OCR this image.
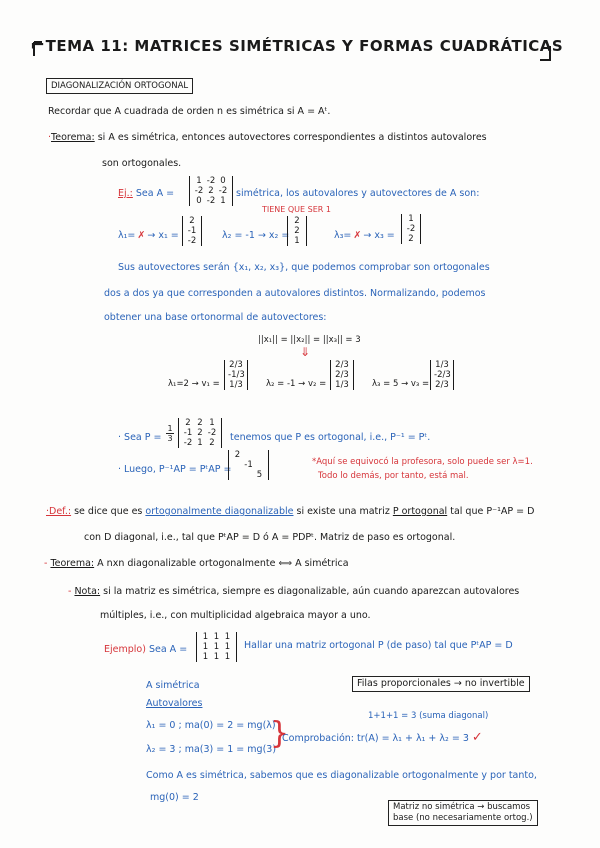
⌐TEMA 11: MATRICES SIMÉTRICAS Y FORMAS CUADRÁTICAS
DIAGONALIZACIÓN ORTOGONAL
Recordar que A cuadrada de orden n es simétrica si A = Aᵗ.
·Teorema: si A es simétrica, entonces autovectores correspondientes a distintos autovalores
son ortogonales.
Ej.: Sea A =
1 -2 0
-2 2 -2
0 -2 1
simétrica, los autovalores y autovectores de A son:
λ₁= ✗ → x₁ =
2
-1
-2
TIENE QUE SER 1
λ₂ = -1 → x₂ =
2
2
1	λ₃= ✗ → x₃ =
1
-2
2
Sus autovectores serán {x₁, x₂, x₃}, que podemos comprobar son ortogonales
dos a dos ya que corresponden a autovalores distintos. Normalizando, podemos
obtener una base ortonormal de autovectores:
||x₁|| = ||x₂|| = ||x₃|| = 3
⇓
λ₁=2 → v₁ =
2/3
-1/3
1/3	λ₂ = -1 → v₂ =
2/3
2/3
1/3	λ₃ = 5 → v₃ =
1/3
-2/3
2/3
· Sea P =
1
3
2 2 1
-1 2 -2
-2 1 2	tenemos que P es ortogonal, i.e., P⁻¹ = Pᵗ.
· Luego, P⁻¹AP = PᵗAP =
2
-1
5
*Aquí se equivocó la profesora, solo puede ser λ=1.
Todo lo demás, por tanto, está mal.
·Def.: se dice que es ortogonalmente diagonalizable si existe una matriz P ortogonal tal que P⁻¹AP = D
con D diagonal, i.e., tal que PᵗAP = D ó A = PDPᵗ. Matriz de paso es ortogonal.
- Teorema: A nxn diagonalizable ortogonalmente ⟺ A simétrica
- Nota: si la matriz es simétrica, siempre es diagonalizable, aún cuando aparezcan autovalores
múltiples, i.e., con multiplicidad algebraica mayor a uno.
Ejemplo) Sea A =
1 1 1
1 1 1
1 1 1
Hallar una matriz ortogonal P (de paso) tal que PᵗAP = D
Filas proporcionales → no invertible
A simétrica
Autovalores
λ₁ = 0 ; ma(0) = 2 = mg(λ)
λ₂ = 3 ; ma(3) = 1 = mg(3)
}	1+1+1 = 3 (suma diagonal)
Comprobación: tr(A) = λ₁ + λ₁ + λ₂ = 3 ✓
Como A es simétrica, sabemos que es diagonalizable ortogonalmente y por tanto,
mg(0) = 2
Matriz no simétrica → buscamos
base (no necesariamente ortog.)
